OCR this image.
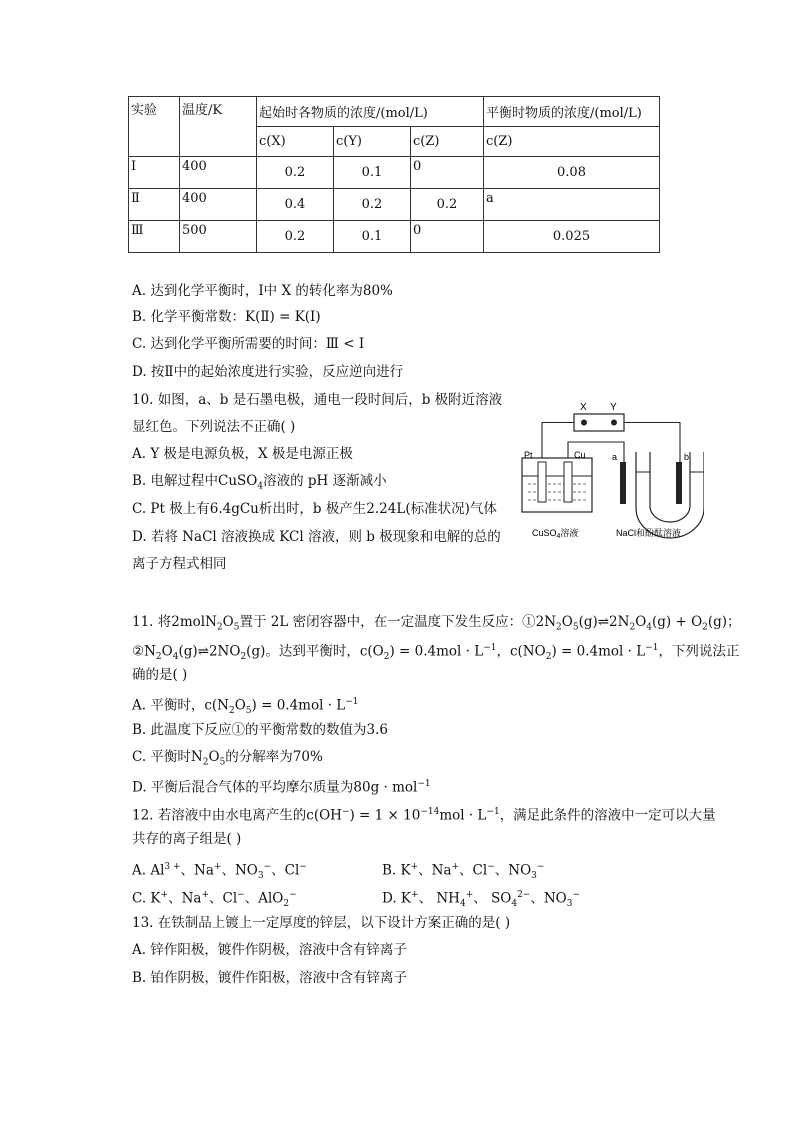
实验	温度/K	起始时各物质的浓度/(mol/L)			平衡时物质的浓度/(mol/L)
		c(X)	c(Y)	c(Z)	c(Z)
Ⅰ	400	0.2	0.1	0	0.08
Ⅱ	400	0.4	0.2	0.2	a
Ⅲ	500	0.2	0.1	0	0.025
A. 达到化学平衡时，Ⅰ中 X 的转化率为80%
B. 化学平衡常数：K(Ⅱ) = K(Ⅰ)
C. 达到化学平衡所需要的时间：Ⅲ < Ⅰ
D. 按Ⅱ中的起始浓度进行实验，反应逆向进行
10. 如图，a、b 是石墨电极，通电一段时间后，b 极附近溶液
显红色。下列说法不正确( )
A. Y 极是电源负极，X 极是电源正极
B. 电解过程中CuSO$_4$溶液的 pH 逐渐减小
C. Pt 极上有6.4gCu析出时，b 极产生2.24L(标准状况)气体
D. 若将 NaCl 溶液换成 KCl 溶液，则 b 极现象和电解的总的
离子方程式相同
X Y
Pt	Cu	a	b
CuSO$_4$溶液	NaCl和酚酞溶液
11. 将$2molN_2O_5$置于 2L 密闭容器中，在一定温度下发生反应：$①2N_2O_5(g)\rightleftharpoons 2N_2O_4(g) + O_2(g)$；
$②N_2O_4(g)\rightleftharpoons 2NO_2(g)$。达到平衡时，$c(O_2) = 0.4mol \cdot L^{-1}$，$c(NO_2) = 0.4mol \cdot L^{-1}$，下列说法正
确的是( )
A. 平衡时，$c(N_2O_5) = 0.4mol \cdot L^{-1}$
B. 此温度下反应①的平衡常数的数值为3.6
C. 平衡时$N_2O_5$的分解率为70%
D. 平衡后混合气体的平均摩尔质量为80g · mol$^{-1}$
12. 若溶液中由水电离产生的$c(OH^-) = 1 \times 10^{-14}mol \cdot L^{-1}$，满足此条件的溶液中一定可以大量
共存的离子组是( )
A. $Al^{3 +}$、Na+、$NO_3^-$、Cl−	B. K+、Na+、Cl−、$NO_3^-$
C. K+、Na+、Cl−、AlO$_2$−	D. K+、 $NH_4^+$、 $SO_4^{2-}$、$NO_3^-$
13. 在铁制品上镀上一定厚度的锌层，以下设计方案正确的是( )
A. 锌作阳极，镀件作阴极，溶液中含有锌离子
B. 铂作阴极，镀件作阳极，溶液中含有锌离子
